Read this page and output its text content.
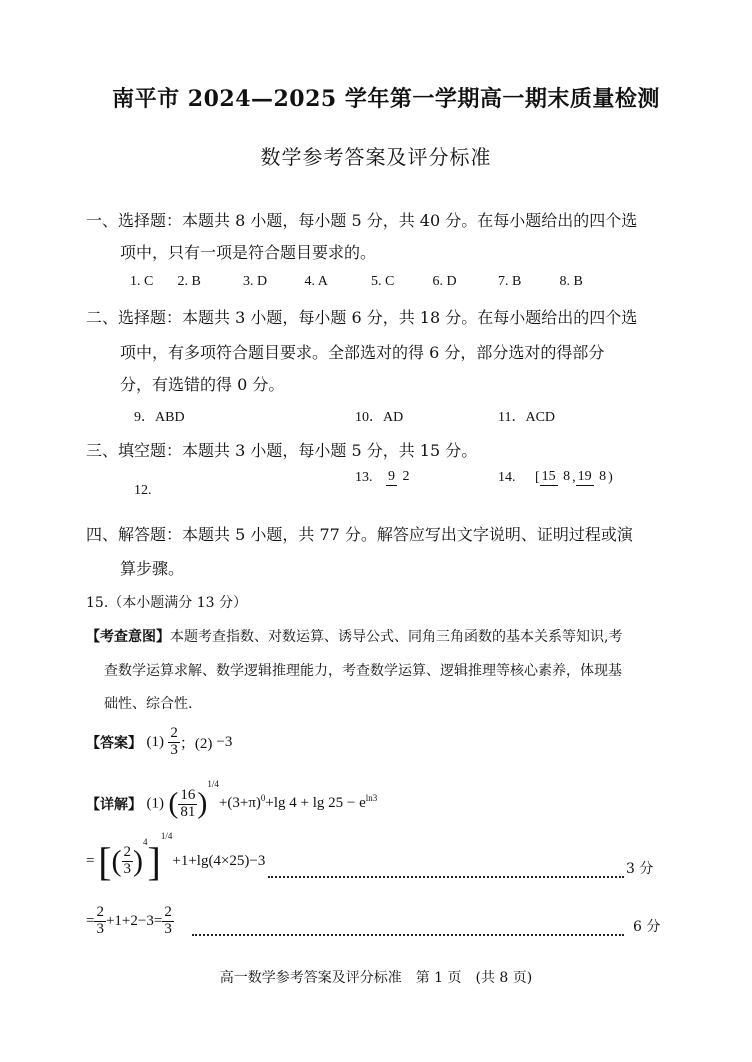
南平市 2024—2025 学年第一学期高一期末质量检测
数学参考答案及评分标准
一、选择题：本题共 8 小题，每小题 5 分，共 40 分。在每小题给出的四个选
项中，只有一项是符合题目要求的。
1. C 2. B	3. D	4. A	5. C	6. D	7. B	8. B
二、选择题：本题共 3 小题，每小题 6 分，共 18 分。在每小题给出的四个选
项中，有多项符合题目要求。全部选对的得 6 分，部分选对的得部分
分，有选错的得 0 分。
9．ABD	10．AD	11．ACD
三、填空题：本题共 3 小题，每小题 5 分，共 15 分。
12.
13. 9 2	14. [ 15 8 , 19 8 )
四、解答题：本题共 5 小题，共 77 分。解答应写出文字说明、证明过程或演
算步骤。
15.（本小题满分 13 分）
【考查意图】本题考查指数、对数运算、诱导公式、同角三角函数的基本关系等知识,考
查数学运算求解、数学逻辑推理能力，考查数学运算、逻辑推理等核心素养，体现基
础性、综合性.
【答案】 $(1) \frac{2}{3}$ ；(2) −3
【详解】 (1) ( $\frac{16}{81} )^{1/4}+(3+\pi)^0+\lg$ $4 + \lg 25 - e^{ln3}$
= [( $\frac{2}{3} )^4]^{1/4}+1+\lg(4\times 25)-3$	3 分
= $\frac{2}{3} +1+2-3= \frac{2}{3}$	6 分
高一数学参考答案及评分标准　第 1 页　(共 8 页)
